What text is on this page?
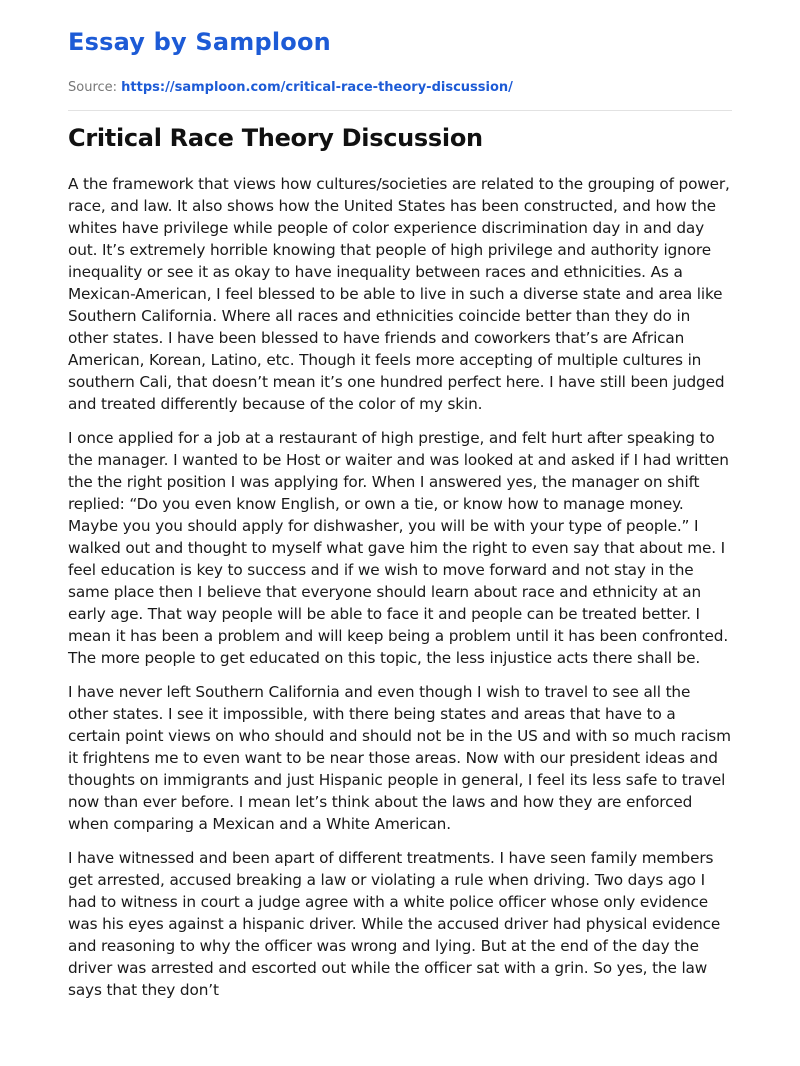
Essay by Samploon
Source: https://samploon.com/critical-race-theory-discussion/
Critical Race Theory Discussion

A the framework that views how cultures/societies are related to the grouping of power, race, and law. It also shows how the United States has been constructed, and how the whites have privilege while people of color experience discrimination day in and day out. It’s extremely horrible knowing that people of high privilege and authority ignore inequality or see it as okay to have inequality between races and ethnicities. As a Mexican-American, I feel blessed to be able to live in such a diverse state and area like Southern California. Where all races and ethnicities coincide better than they do in other states. I have been blessed to have friends and coworkers that’s are African American, Korean, Latino, etc. Though it feels more accepting of multiple cultures in southern Cali, that doesn’t mean it’s one hundred perfect here. I have still been judged and treated differently because of the color of my skin.

I once applied for a job at a restaurant of high prestige, and felt hurt after speaking to the manager. I wanted to be Host or waiter and was looked at and asked if I had written the the right position I was applying for. When I answered yes, the manager on shift replied: “Do you even know English, or own a tie, or know how to manage money. Maybe you you should apply for dishwasher, you will be with your type of people.” I walked out and thought to myself what gave him the right to even say that about me. I feel education is key to success and if we wish to move forward and not stay in the same place then I believe that everyone should learn about race and ethnicity at an early age. That way people will be able to face it and people can be treated better. I mean it has been a problem and will keep being a problem until it has been confronted. The more people to get educated on this topic, the less injustice acts there shall be.

I have never left Southern California and even though I wish to travel to see all the other states. I see it impossible, with there being states and areas that have to a certain point views on who should and should not be in the US and with so much racism it frightens me to even want to be near those areas. Now with our president ideas and thoughts on immigrants and just Hispanic people in general, I feel its less safe to travel now than ever before. I mean let’s think about the laws and how they are enforced when comparing a Mexican and a White American.

I have witnessed and been apart of different treatments. I have seen family members get arrested, accused breaking a law or violating a rule when driving. Two days ago I had to witness in court a judge agree with a white police officer whose only evidence was his eyes against a hispanic driver. While the accused driver had physical evidence and reasoning to why the officer was wrong and lying. But at the end of the day the driver was arrested and escorted out while the officer sat with a grin. So yes, the law says that they don’t
